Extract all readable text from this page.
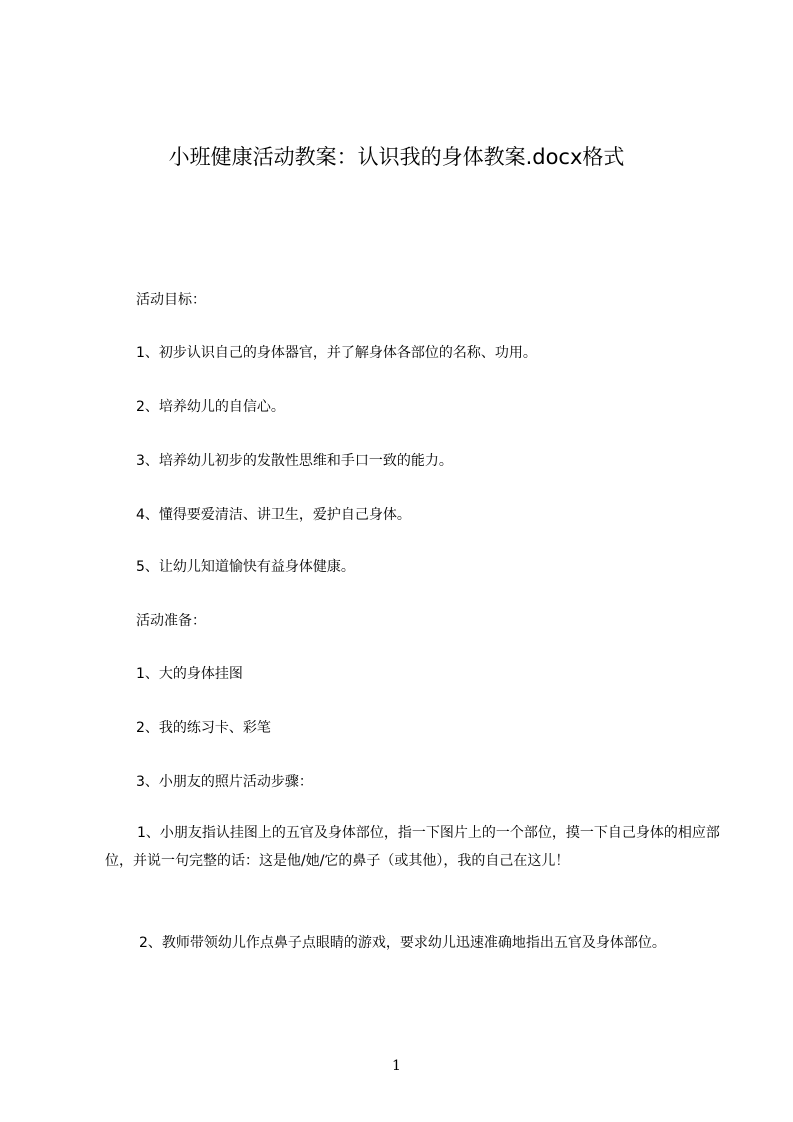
小班健康活动教案：认识我的身体教案.docx格式
活动目标：
1、初步认识自己的身体器官，并了解身体各部位的名称、功用。
2、培养幼儿的自信心。
3、培养幼儿初步的发散性思维和手口一致的能力。
4、懂得要爱清洁、讲卫生，爱护自己身体。
5、让幼儿知道愉快有益身体健康。
活动准备：
1、大的身体挂图
2、我的练习卡、彩笔
3、小朋友的照片活动步骤：
1、小朋友指认挂图上的五官及身体部位，指一下图片上的一个部位，摸一下自己身体的相应部位，并说一句完整的话：这是他/她/它的鼻子（或其他），我的自己在这儿！
2、教师带领幼儿作点鼻子点眼睛的游戏，要求幼儿迅速准确地指出五官及身体部位。
1
